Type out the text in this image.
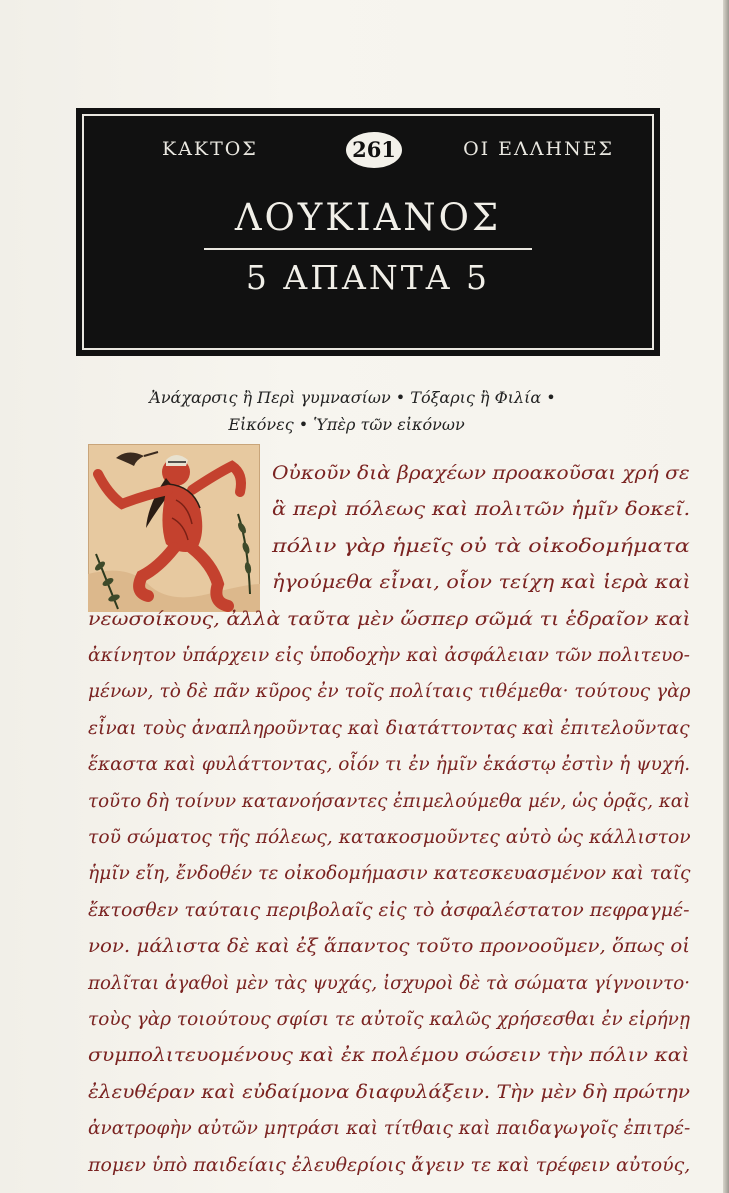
ΚΑΚΤΟΣ	261	ΟΙ ΕΛΛΗΝΕΣ
ΛΟΥΚΙΑΝΟΣ
5 ΑΠΑΝΤΑ 5
Ἀνάχαρσις ἢ Περὶ γυμνασίων • Τόξαρις ἢ Φιλία •
Εἰκόνες • Ὑπὲρ τῶν εἰκόνων
Οὐκοῦν διὰ βραχέων προακοῦσαι χρή σε
ἃ περὶ πόλεως καὶ πολιτῶν ἡμῖν δοκεῖ.
πόλιν γὰρ ἡμεῖς οὐ τὰ οἰκοδομήματα
ἡγούμεθα εἶναι, οἷον τείχη καὶ ἱερὰ καὶ
νεωσοίκους, ἀλλὰ ταῦτα μὲν ὥσπερ σῶμά τι ἑδραῖον καὶ
ἀκίνητον ὑπάρχειν εἰς ὑποδοχὴν καὶ ἀσφάλειαν τῶν πολιτευο-
μένων, τὸ δὲ πᾶν κῦρος ἐν τοῖς πολίταις τιθέμεθα· τούτους γὰρ
εἶναι τοὺς ἀναπληροῦντας καὶ διατάττοντας καὶ ἐπιτελοῦντας
ἕκαστα καὶ φυλάττοντας, οἷόν τι ἐν ἡμῖν ἑκάστῳ ἐστὶν ἡ ψυχή.
τοῦτο δὴ τοίνυν κατανοήσαντες ἐπιμελούμεθα μέν, ὡς ὁρᾷς, καὶ
τοῦ σώματος τῆς πόλεως, κατακοσμοῦντες αὐτὸ ὡς κάλλιστον
ἡμῖν εἴη, ἔνδοθέν τε οἰκοδομήμασιν κατεσκευασμένον καὶ ταῖς
ἔκτοσθεν ταύταις περιβολαῖς εἰς τὸ ἀσφαλέστατον πεφραγμέ-
νον. μάλιστα δὲ καὶ ἐξ ἅπαντος τοῦτο προνοοῦμεν, ὅπως οἱ
πολῖται ἀγαθοὶ μὲν τὰς ψυχάς, ἰσχυροὶ δὲ τὰ σώματα γίγνοιντο·
τοὺς γὰρ τοιούτους σφίσι τε αὐτοῖς καλῶς χρήσεσθαι ἐν εἰρήνῃ
συμπολιτευομένους καὶ ἐκ πολέμου σώσειν τὴν πόλιν καὶ
ἐλευθέραν καὶ εὐδαίμονα διαφυλάξειν. Τὴν μὲν δὴ πρώτην
ἀνατροφὴν αὐτῶν μητράσι καὶ τίτθαις καὶ παιδαγωγοῖς ἐπιτρέ-
πομεν ὑπὸ παιδείαις ἐλευθερίοις ἄγειν τε καὶ τρέφειν αὐτούς,
